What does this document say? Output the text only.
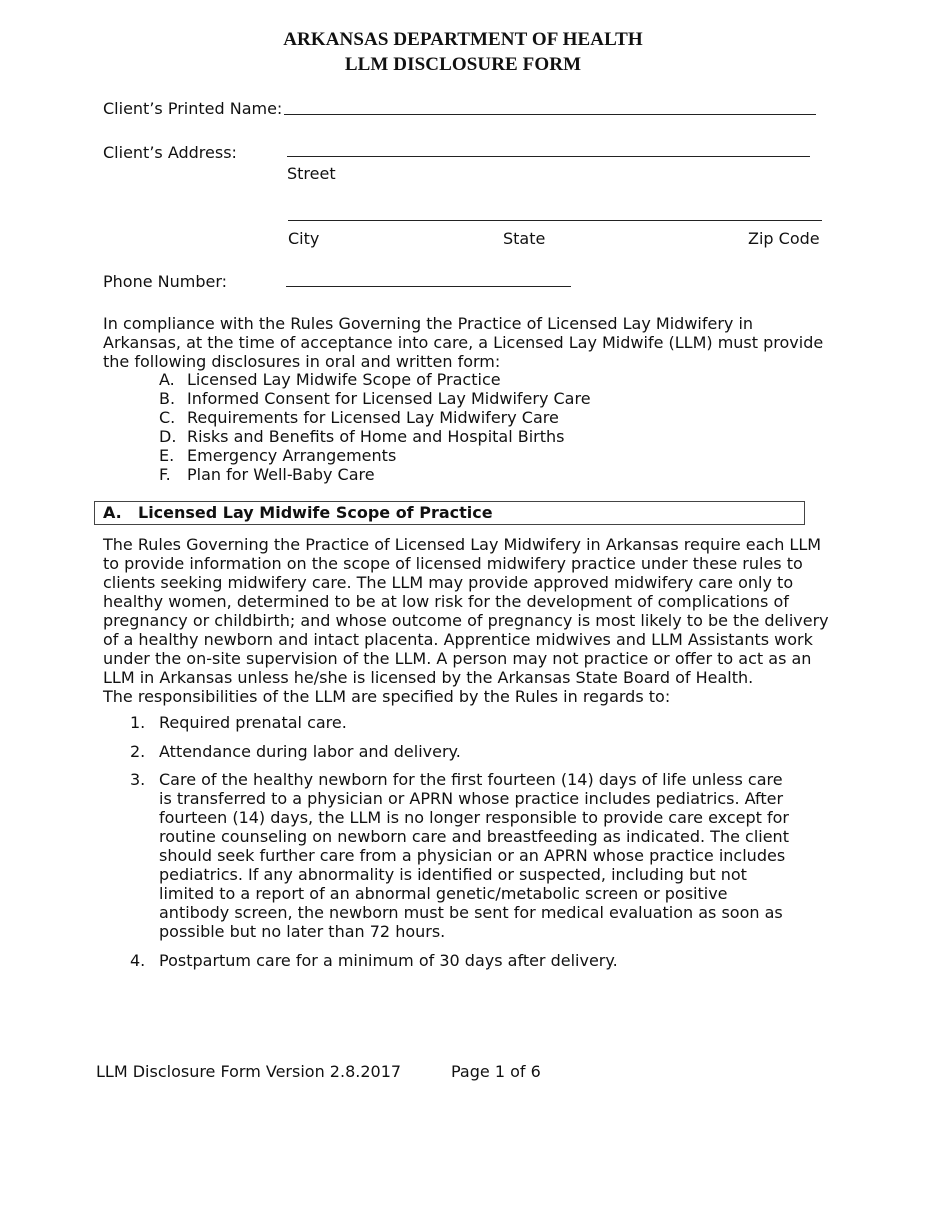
ARKANSAS DEPARTMENT OF HEALTH
LLM DISCLOSURE FORM
Client’s Printed Name:
Client’s Address:
Street
City	State	Zip Code
Phone Number:

In compliance with the Rules Governing the Practice of Licensed Lay Midwifery in Arkansas, at the time of acceptance into care, a Licensed Lay Midwife (LLM) must provide the following disclosures in oral and written form:

A. Licensed Lay Midwife Scope of Practice
B. Informed Consent for Licensed Lay Midwifery Care
C. Requirements for Licensed Lay Midwifery Care
D. Risks and Benefits of Home and Hospital Births
E. Emergency Arrangements
F.	Plan for Well-Baby Care
A. Licensed Lay Midwife Scope of Practice

The Rules Governing the Practice of Licensed Lay Midwifery in Arkansas require each LLM to provide information on the scope of licensed midwifery practice under these rules to clients seeking midwifery care. The LLM may provide approved midwifery care only to healthy women, determined to be at low risk for the development of complications of pregnancy or childbirth; and whose outcome of pregnancy is most likely to be the delivery of a healthy newborn and intact placenta. Apprentice midwives and LLM Assistants work under the on-site supervision of the LLM. A person may not practice or offer to act as an LLM in Arkansas unless he/she is licensed by the Arkansas State Board of Health.

The responsibilities of the LLM are specified by the Rules in regards to:

1. Required prenatal care.
2. Attendance during labor and delivery.
3. Care of the healthy newborn for the first fourteen (14) days of life unless care is transferred to a physician or APRN whose practice includes pediatrics. After fourteen (14) days, the LLM is no longer responsible to provide care except for routine counseling on newborn care and breastfeeding as indicated. The client should seek further care from a physician or an APRN whose practice includes pediatrics. If any abnormality is identified or suspected, including but not limited to a report of an abnormal genetic/metabolic screen or positive antibody screen, the newborn must be sent for medical evaluation as soon as possible but no later than 72 hours.
4. Postpartum care for a minimum of 30 days after delivery.
LLM Disclosure Form Version 2.8.2017	Page 1 of 6
